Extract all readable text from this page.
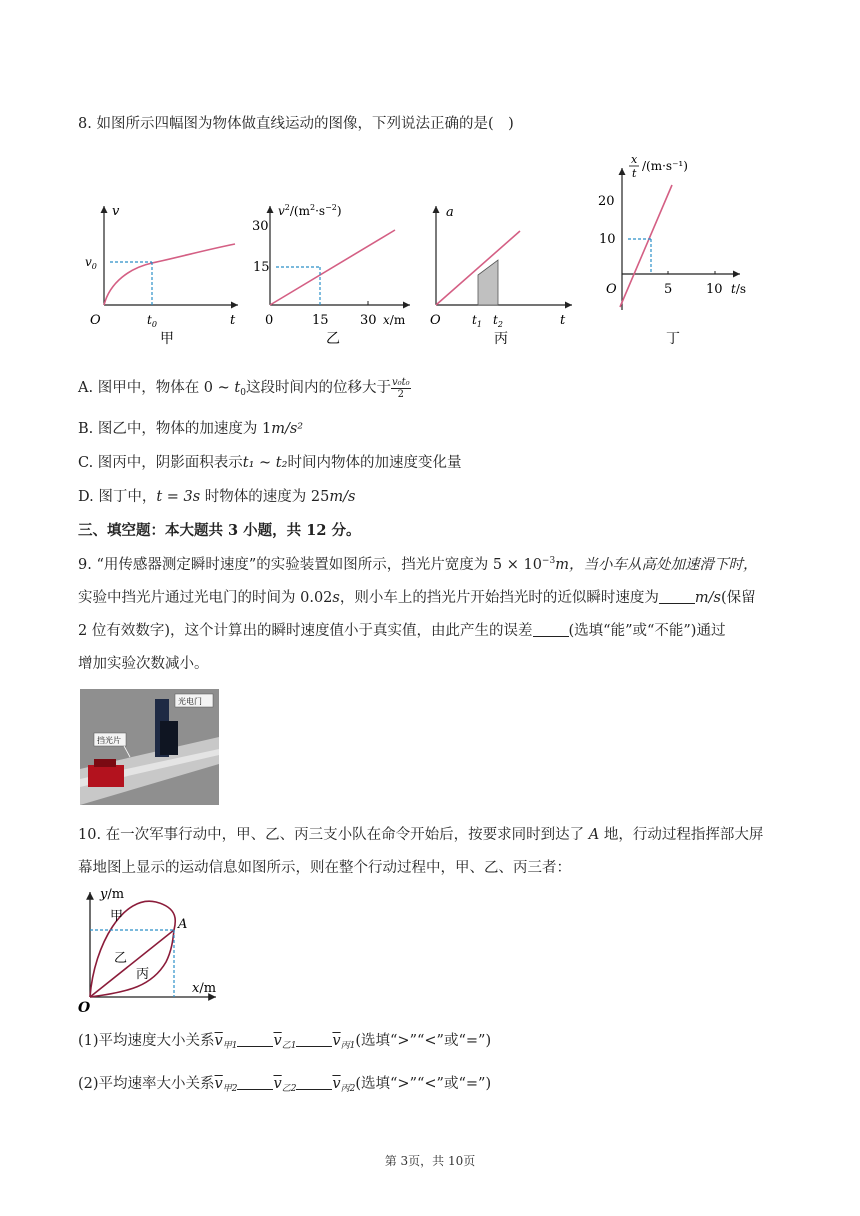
8. 如图所示四幅图为物体做直线运动的图像，下列说法正确的是(　)
v
$v_0$
O	$t_0$	t
甲
$v^2/(m^2\cdot s^{-2})$
30
15
0	15 30 x/m
乙
a
O	$t_1$ $t_2$	t
丙
x
t
/(m·s⁻¹)
20
10
O	5	10 t/s
丁
A. 图甲中，物体在 0 ~ $t_0$这段时间内的位移大于 $\frac{\text{v₀t₀}}{2}$
B. 图乙中，物体的加速度为 1m/s²
C. 图丙中，阴影面积表示t₁ ~ t₂时间内物体的加速度变化量
D. 图丁中，t = 3s 时物体的速度为 25m/s
三、填空题：本大题共 3 小题，共 12 分。
9. “用传感器测定瞬时速度”的实验装置如图所示，挡光片宽度为 $5 \times 10^{-3}m$，当小车从高处加速滑下时，
实验中挡光片通过光电门的时间为 0.02s，则小车上的挡光片开始挡光时的近似瞬时速度为 m/s(保留
2 位有效数字)，这个计算出的瞬时速度值小于真实值，由此产生的误差 (选填“能”或“不能”)通过
增加实验次数减小。
光电门
挡光片
10. 在一次军事行动中，甲、乙、丙三支小队在命令开始后，按要求同时到达了 A 地，行动过程指挥部大屏
幕地图上显示的运动信息如图所示，则在整个行动过程中，甲、乙、丙三者：
y/m
x/m
O
A
甲
乙
丙
(1)平均速度大小关系$\overline{v}_{甲1}$ $\overline{v}_{乙1}$ $\overline{v}_{丙1}$(选填“>”“<”或“=”)
(2)平均速率大小关系$\overline{v}_{甲2}$ $\overline{v}_{乙2}$ $\overline{v}_{丙2}$(选填“>”“<”或“=”)
第 3页，共 10页
